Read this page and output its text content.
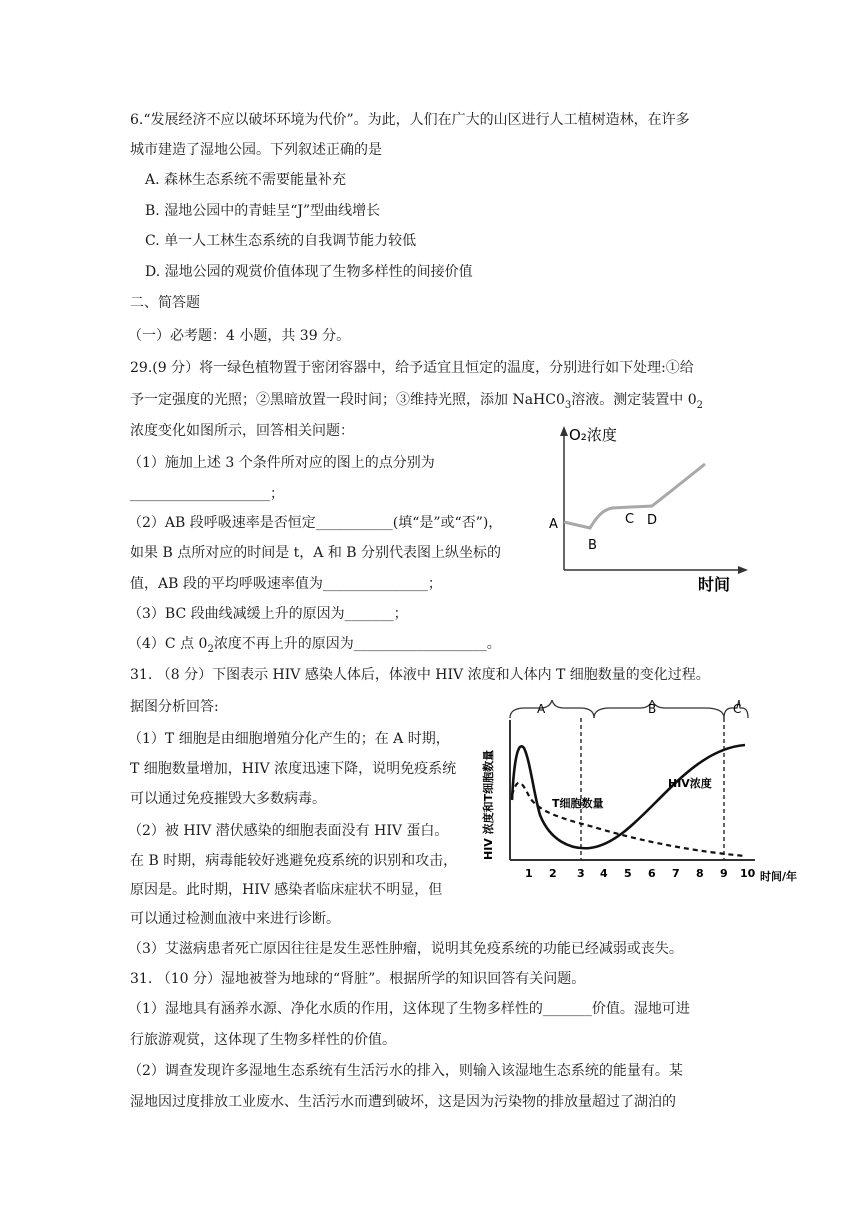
6.“发展经济不应以破坏环境为代价”。为此，人们在广大的山区进行人工植树造林，在许多
城市建造了湿地公园。下列叙述正确的是
A. 森林生态系统不需要能量补充
B. 湿地公园中的青蛙呈“J”型曲线增长
C. 单一人工林生态系统的自我调节能力较低
D. 湿地公园的观赏价值体现了生物多样性的间接价值
二、简答题
（一）必考题：4 小题，共 39 分。
29.(9 分）将一绿色植物置于密闭容器中，给予适宜且恒定的温度，分别进行如下处理:①给
予一定强度的光照；②黑暗放置一段时间；③维持光照，添加 $NaHC0_3$溶液。测定装置中 $0_2$
浓度变化如图所示，回答相关问题：
（1）施加上述 3 个条件所对应的图上的点分别为
____________________；
（2）AB 段呼吸速率是否恒定___________(填“是”或“否”)，
如果 B 点所对应的时间是 t，A 和 B 分别代表图上纵坐标的
值，AB 段的平均呼吸速率值为_______________；
（3）BC 段曲线减缓上升的原因为_______；
（4）C 点 $0_2$浓度不再上升的原因为___________________。
O₂浓度
时间
A
B
C D
31. （8 分）下图表示 HIV 感染人体后，体液中 HIV 浓度和人体内 T 细胞数量的变化过程。
据图分析回答:
（1）T 细胞是由细胞增殖分化产生的；在 A 时期，
T 细胞数量增加，HIV 浓度迅速下降，说明免疫系统
可以通过免疫摧毁大多数病毒。
（2）被 HIV 潜伏感染的细胞表面没有 HIV 蛋白。
在 B 时期，病毒能较好逃避免疫系统的识别和攻击，
原因是。此时期，HIV 感染者临床症状不明显，但
可以通过检测血液中来进行诊断。
（3）艾滋病患者死亡原因往往是发生恶性肿瘤，说明其免疫系统的功能已经减弱或丧失。
A	B	C
HIV 浓度和T细胞数量
时间/年
T细胞数量
HIV浓度
1 2 3 4 5 6 7 8 9 10
31. （10 分）湿地被誉为地球的“肾脏”。根据所学的知识回答有关问题。
（1）湿地具有涵养水源、净化水质的作用，这体现了生物多样性的_______价值。湿地可进
行旅游观赏，这体现了生物多样性的价值。
（2）调查发现许多湿地生态系统有生活污水的排入，则输入该湿地生态系统的能量有。某
湿地因过度排放工业废水、生活污水而遭到破坏，这是因为污染物的排放量超过了湖泊的
